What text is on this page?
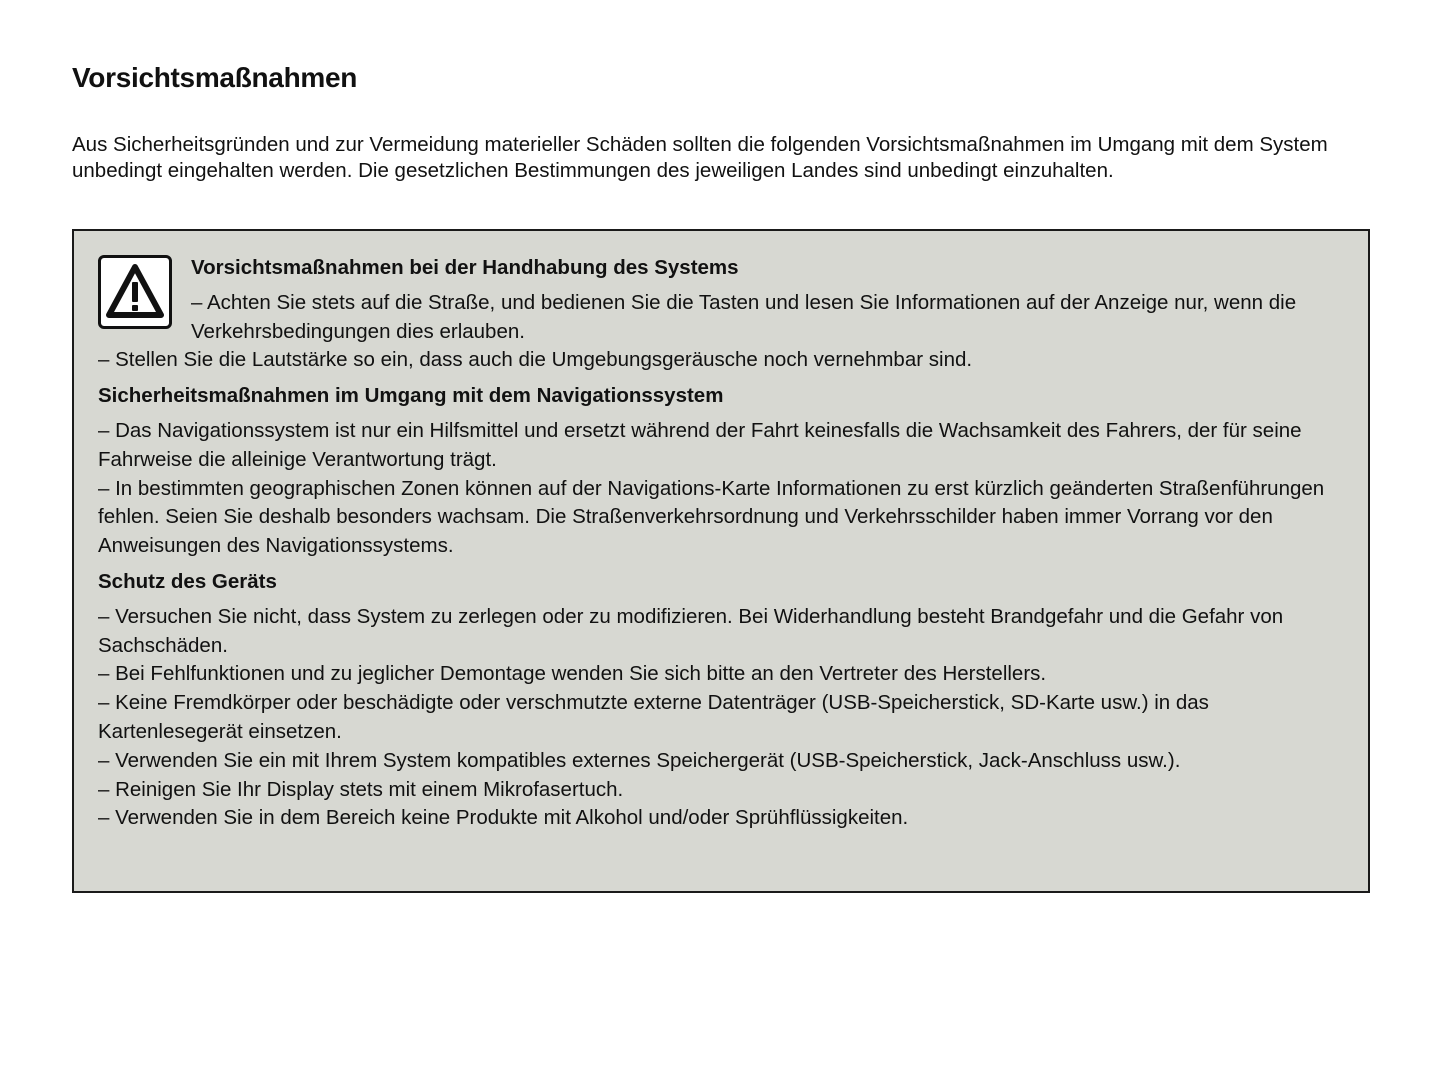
Vorsichtsmaßnahmen

Aus Sicherheitsgründen und zur Vermeidung materieller Schäden sollten die folgenden Vorsichtsmaßnahmen im Umgang mit dem System unbedingt eingehalten werden. Die gesetzlichen Bestimmungen des jeweiligen Landes sind unbedingt einzuhalten.

Vorsichtsmaßnahmen bei der Handhabung des Systems

– Achten Sie stets auf die Straße, und bedienen Sie die Tasten und lesen Sie Informationen auf der Anzeige nur, wenn die Verkehrsbedingungen dies erlauben.

– Stellen Sie die Lautstärke so ein, dass auch die Umgebungsgeräusche noch vernehmbar sind.

Sicherheitsmaßnahmen im Umgang mit dem Navigationssystem

– Das Navigationssystem ist nur ein Hilfsmittel und ersetzt während der Fahrt keinesfalls die Wachsamkeit des Fahrers, der für seine Fahrweise die alleinige Verantwortung trägt.

– In bestimmten geographischen Zonen können auf der Navigations-Karte Informationen zu erst kürzlich geänderten Straßenführungen fehlen. Seien Sie deshalb besonders wachsam. Die Straßenverkehrsordnung und Verkehrsschilder haben immer Vorrang vor den Anweisungen des Navigationssystems.

Schutz des Geräts

– Versuchen Sie nicht, dass System zu zerlegen oder zu modifizieren. Bei Widerhandlung besteht Brandgefahr und die Gefahr von Sachschäden.

– Bei Fehlfunktionen und zu jeglicher Demontage wenden Sie sich bitte an den Vertreter des Herstellers.

– Keine Fremdkörper oder beschädigte oder verschmutzte externe Datenträger (USB-Speicherstick, SD-Karte usw.) in das Kartenlesegerät einsetzen.

– Verwenden Sie ein mit Ihrem System kompatibles externes Speichergerät (USB-Speicherstick, Jack-Anschluss usw.).

– Reinigen Sie Ihr Display stets mit einem Mikrofasertuch.

– Verwenden Sie in dem Bereich keine Produkte mit Alkohol und/oder Sprühflüssigkeiten.
